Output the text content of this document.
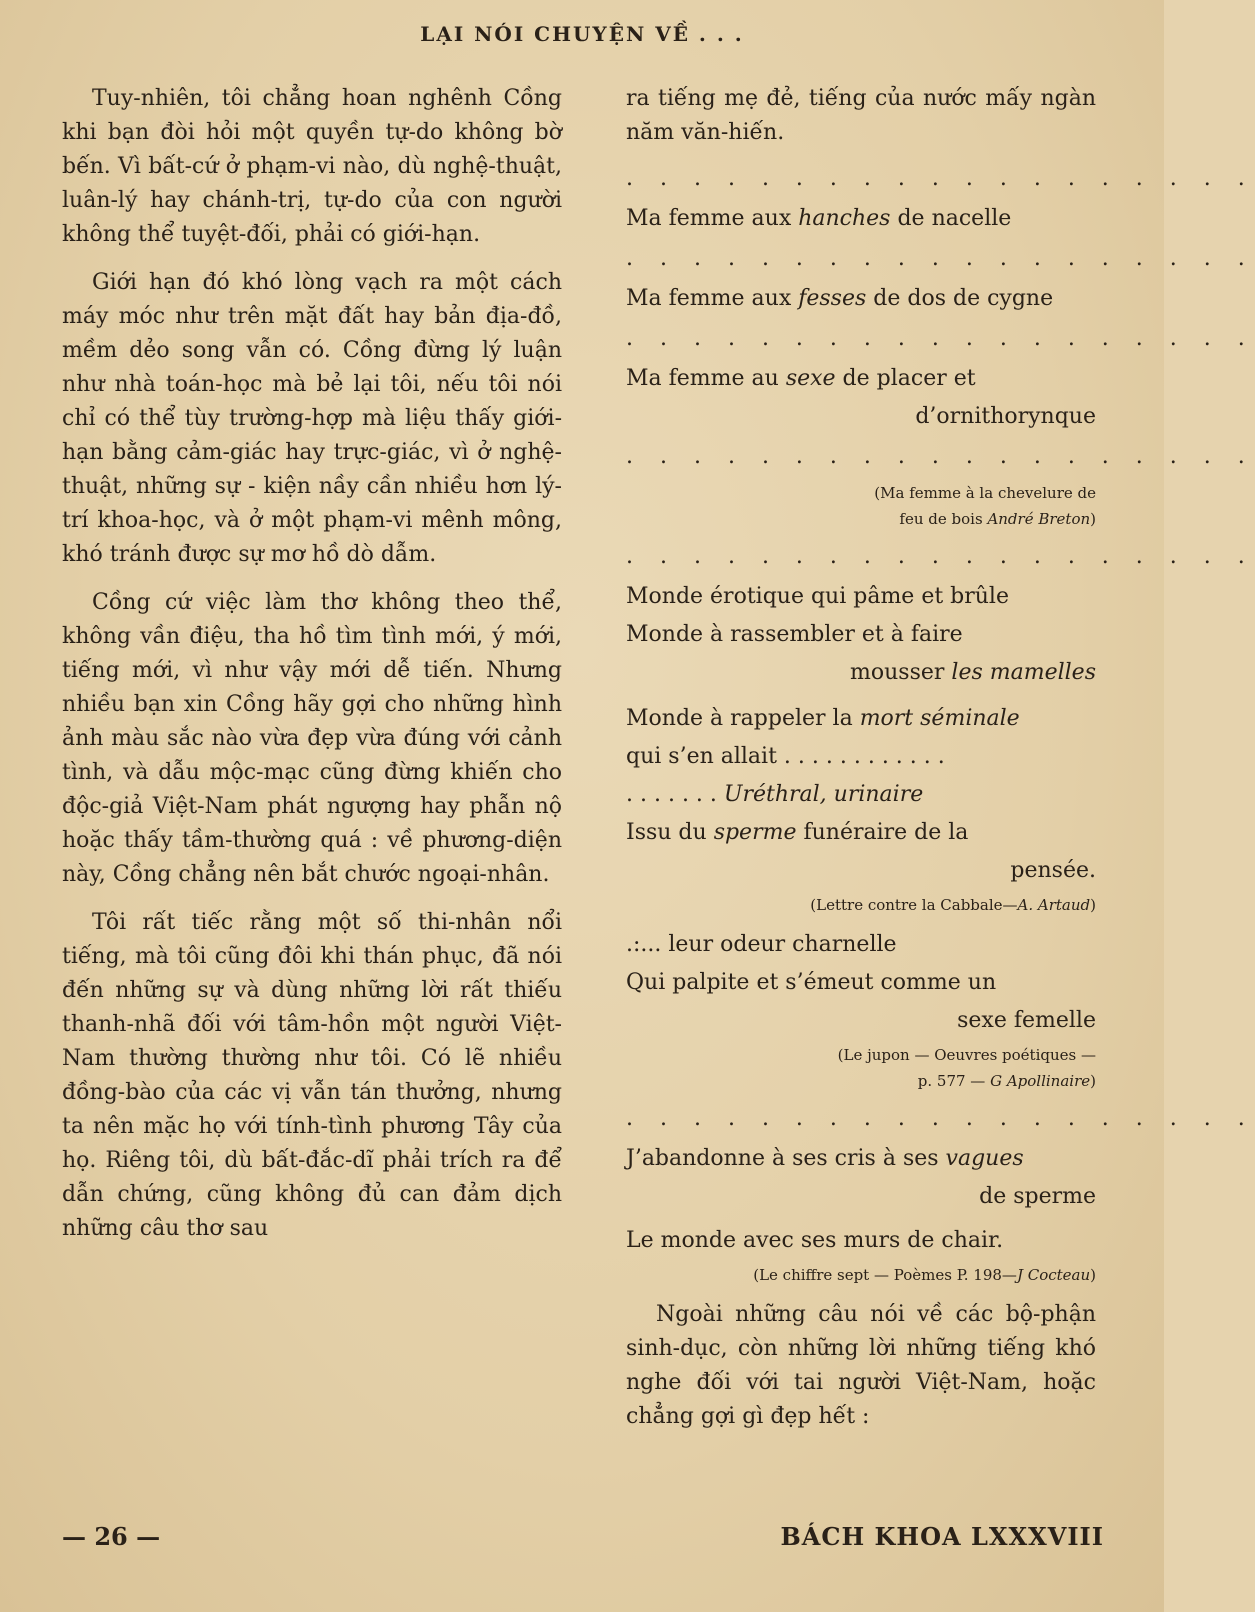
LẠI NÓI CHUYỆN VỀ . . .

Tuy-nhiên, tôi chẳng hoan nghênh Cồng khi bạn đòi hỏi một quyền tự-do không bờ bến. Vì bất-cứ ở phạm-vi nào, dù nghệ-thuật, luân-lý hay chánh-trị, tự-do của con người không thể tuyệt-đối, phải có giới-hạn.

Giới hạn đó khó lòng vạch ra một cách máy móc như trên mặt đất hay bản địa-đồ, mềm dẻo song vẫn có. Cồng đừng lý luận như nhà toán-học mà bẻ lại tôi, nếu tôi nói chỉ có thể tùy trường-hợp mà liệu thấy giới-hạn bằng cảm-giác hay trực-giác, vì ở nghệ-thuật, những sự - kiện nầy cần nhiều hơn lý-trí khoa-học, và ở một phạm-vi mênh mông, khó tránh được sự mơ hồ dò dẫm.

Cồng cứ việc làm thơ không theo thể, không vần điệu, tha hồ tìm tình mới, ý mới, tiếng mới, vì như vậy mới dễ tiến. Nhưng nhiều bạn xin Cồng hãy gợi cho những hình ảnh màu sắc nào vừa đẹp vừa đúng với cảnh tình, và dẫu mộc-mạc cũng đừng khiến cho độc-giả Việt-Nam phát ngượng hay phẫn nộ hoặc thấy tầm-thường quá : về phương-diện này, Cồng chẳng nên bắt chước ngoại-nhân.

Tôi rất tiếc rằng một số thi-nhân nổi tiếng, mà tôi cũng đôi khi thán phục, đã nói đến những sự và dùng những lời rất thiếu thanh-nhã đối với tâm-hồn một người Việt-Nam thường thường như tôi. Có lẽ nhiều đồng-bào của các vị vẫn tán thưởng, nhưng ta nên mặc họ với tính-tình phương Tây của họ. Riêng tôi, dù bất-đắc-dĩ phải trích ra để dẫn chứng, cũng không đủ can đảm dịch những câu thơ sau

ra tiếng mẹ đẻ, tiếng của nước mấy ngàn năm văn-hiến.

. . . . . . . . . . . . . . . . . . .
Ma femme aux hanches de nacelle
. . . . . . . . . . . . . . . . . . .
Ma femme aux fesses de dos de cygne
. . . . . . . . . . . . . . . . . . .
Ma femme au sexe de placer et
d’ornithorynque
. . . . . . . . . . . . . . . . . . .
(Ma femme à la chevelure de
feu de bois André Breton)
. . . . . . . . . . . . . . . . . . .
Monde érotique qui pâme et brûle
Monde à rassembler et à faire
mousser les mamelles
Monde à rappeler la mort séminale
qui s’en allait . . . . . . . . . . . .
. . . . . . . Uréthral, urinaire
Issu du sperme funéraire de la
pensée.
(Lettre contre la Cabbale—A. Artaud)
.:... leur odeur charnelle
Qui palpite et s’émeut comme un
sexe femelle
(Le jupon — Oeuvres poétiques —
p. 577 — G Apollinaire)
. . . . . . . . . . . . . . . . . . .
J’abandonne à ses cris à ses vagues
de sperme
Le monde avec ses murs de chair.
(Le chiffre sept — Poèmes P. 198—J Cocteau)

Ngoài những câu nói về các bộ-phận sinh-dục, còn những lời những tiếng khó nghe đối với tai người Việt-Nam, hoặc chẳng gợi gì đẹp hết :

— 26 —	BÁCH KHOA LXXXVIII
